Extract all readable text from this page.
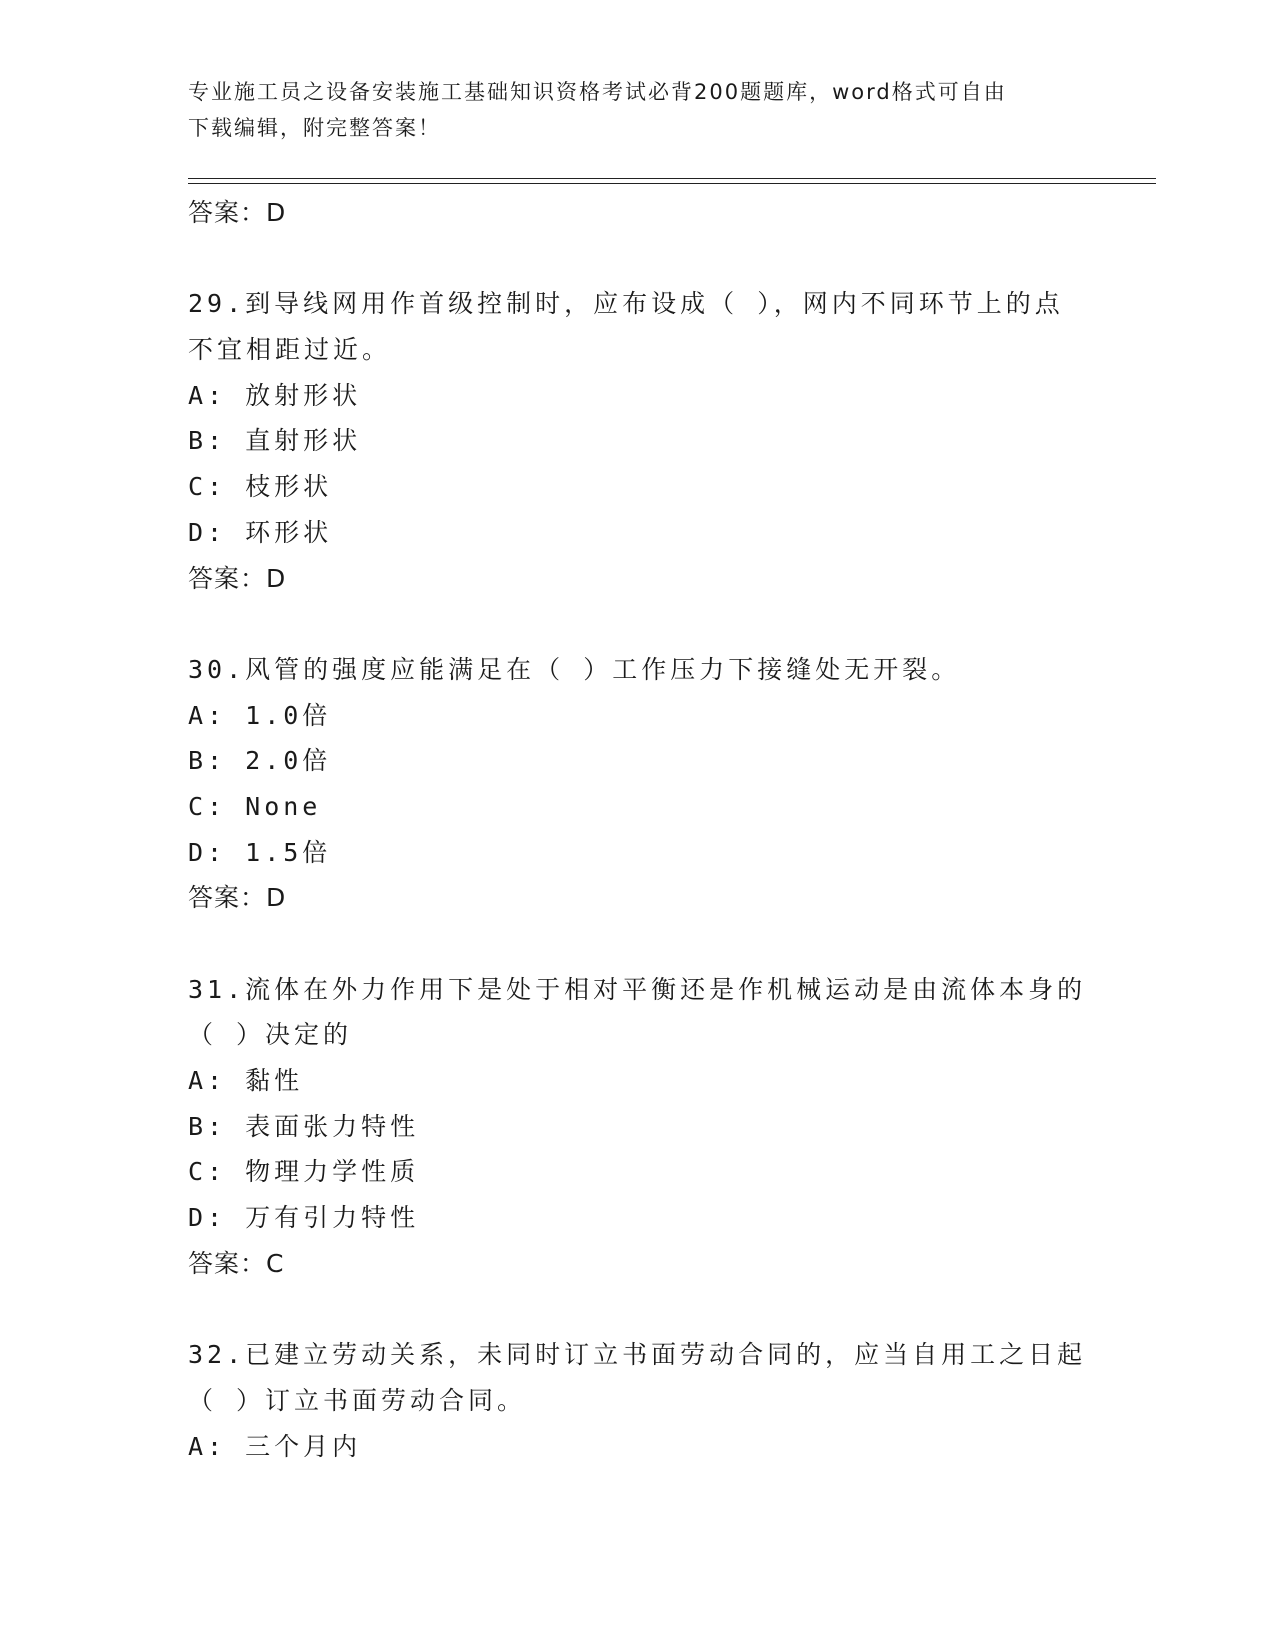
专业施工员之设备安装施工基础知识资格考试必背200题题库，word格式可自由
下载编辑，附完整答案！
答案：D
29.到导线网用作首级控制时，应布设成（ ），网内不同环节上的点
不宜相距过近。
A: 放射形状
B: 直射形状
C: 枝形状
D: 环形状
答案：D
30.风管的强度应能满足在（ ）工作压力下接缝处无开裂。
A: 1.0倍
B: 2.0倍
C: None
D: 1.5倍
答案：D
31.流体在外力作用下是处于相对平衡还是作机械运动是由流体本身的
（ ）决定的
A: 黏性
B: 表面张力特性
C: 物理力学性质
D: 万有引力特性
答案：C
32.已建立劳动关系，未同时订立书面劳动合同的，应当自用工之日起
（ ）订立书面劳动合同。
A: 三个月内
